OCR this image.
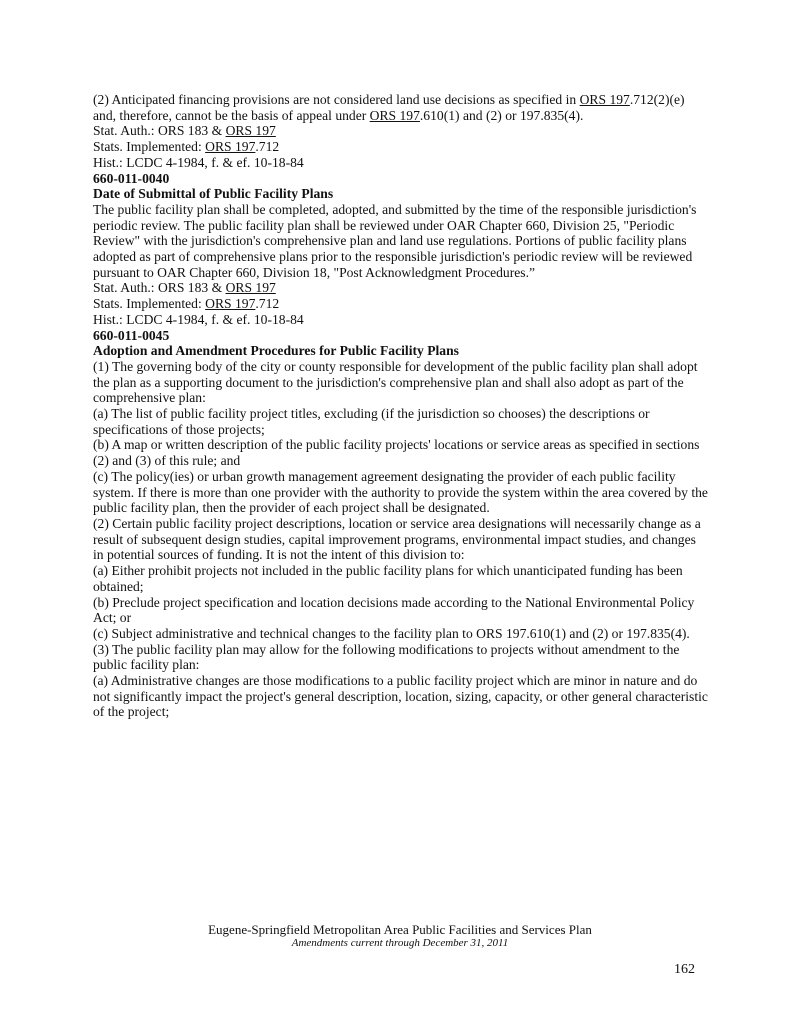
(2) Anticipated financing provisions are not considered land use decisions as specified in ORS 197.712(2)(e) and, therefore, cannot be the basis of appeal under ORS 197.610(1) and (2) or 197.835(4).
Stat. Auth.: ORS 183 & ORS 197
Stats. Implemented: ORS 197.712
Hist.: LCDC 4-1984, f. & ef. 10-18-84
660-011-0040
Date of Submittal of Public Facility Plans
The public facility plan shall be completed, adopted, and submitted by the time of the responsible jurisdiction's periodic review. The public facility plan shall be reviewed under OAR Chapter 660, Division 25, "Periodic Review" with the jurisdiction's comprehensive plan and land use regulations. Portions of public facility plans adopted as part of comprehensive plans prior to the responsible jurisdiction's periodic review will be reviewed pursuant to OAR Chapter 660, Division 18, "Post Acknowledgment Procedures.”
Stat. Auth.: ORS 183 & ORS 197
Stats. Implemented: ORS 197.712
Hist.: LCDC 4-1984, f. & ef. 10-18-84
660-011-0045
Adoption and Amendment Procedures for Public Facility Plans
(1) The governing body of the city or county responsible for development of the public facility plan shall adopt the plan as a supporting document to the jurisdiction's comprehensive plan and shall also adopt as part of the comprehensive plan:
(a) The list of public facility project titles, excluding (if the jurisdiction so chooses) the descriptions or specifications of those projects;
(b) A map or written description of the public facility projects' locations or service areas as specified in sections (2) and (3) of this rule; and
(c) The policy(ies) or urban growth management agreement designating the provider of each public facility system. If there is more than one provider with the authority to provide the system within the area covered by the public facility plan, then the provider of each project shall be designated.
(2) Certain public facility project descriptions, location or service area designations will necessarily change as a result of subsequent design studies, capital improvement programs, environmental impact studies, and changes in potential sources of funding. It is not the intent of this division to:
(a) Either prohibit projects not included in the public facility plans for which unanticipated funding has been obtained;
(b) Preclude project specification and location decisions made according to the National Environmental Policy Act; or
(c) Subject administrative and technical changes to the facility plan to ORS 197.610(1) and (2) or 197.835(4).
(3) The public facility plan may allow for the following modifications to projects without amendment to the public facility plan:
(a) Administrative changes are those modifications to a public facility project which are minor in nature and do not significantly impact the project's general description, location, sizing, capacity, or other general characteristic of the project;
Eugene-Springfield Metropolitan Area Public Facilities and Services Plan
Amendments current through December 31, 2011
162
